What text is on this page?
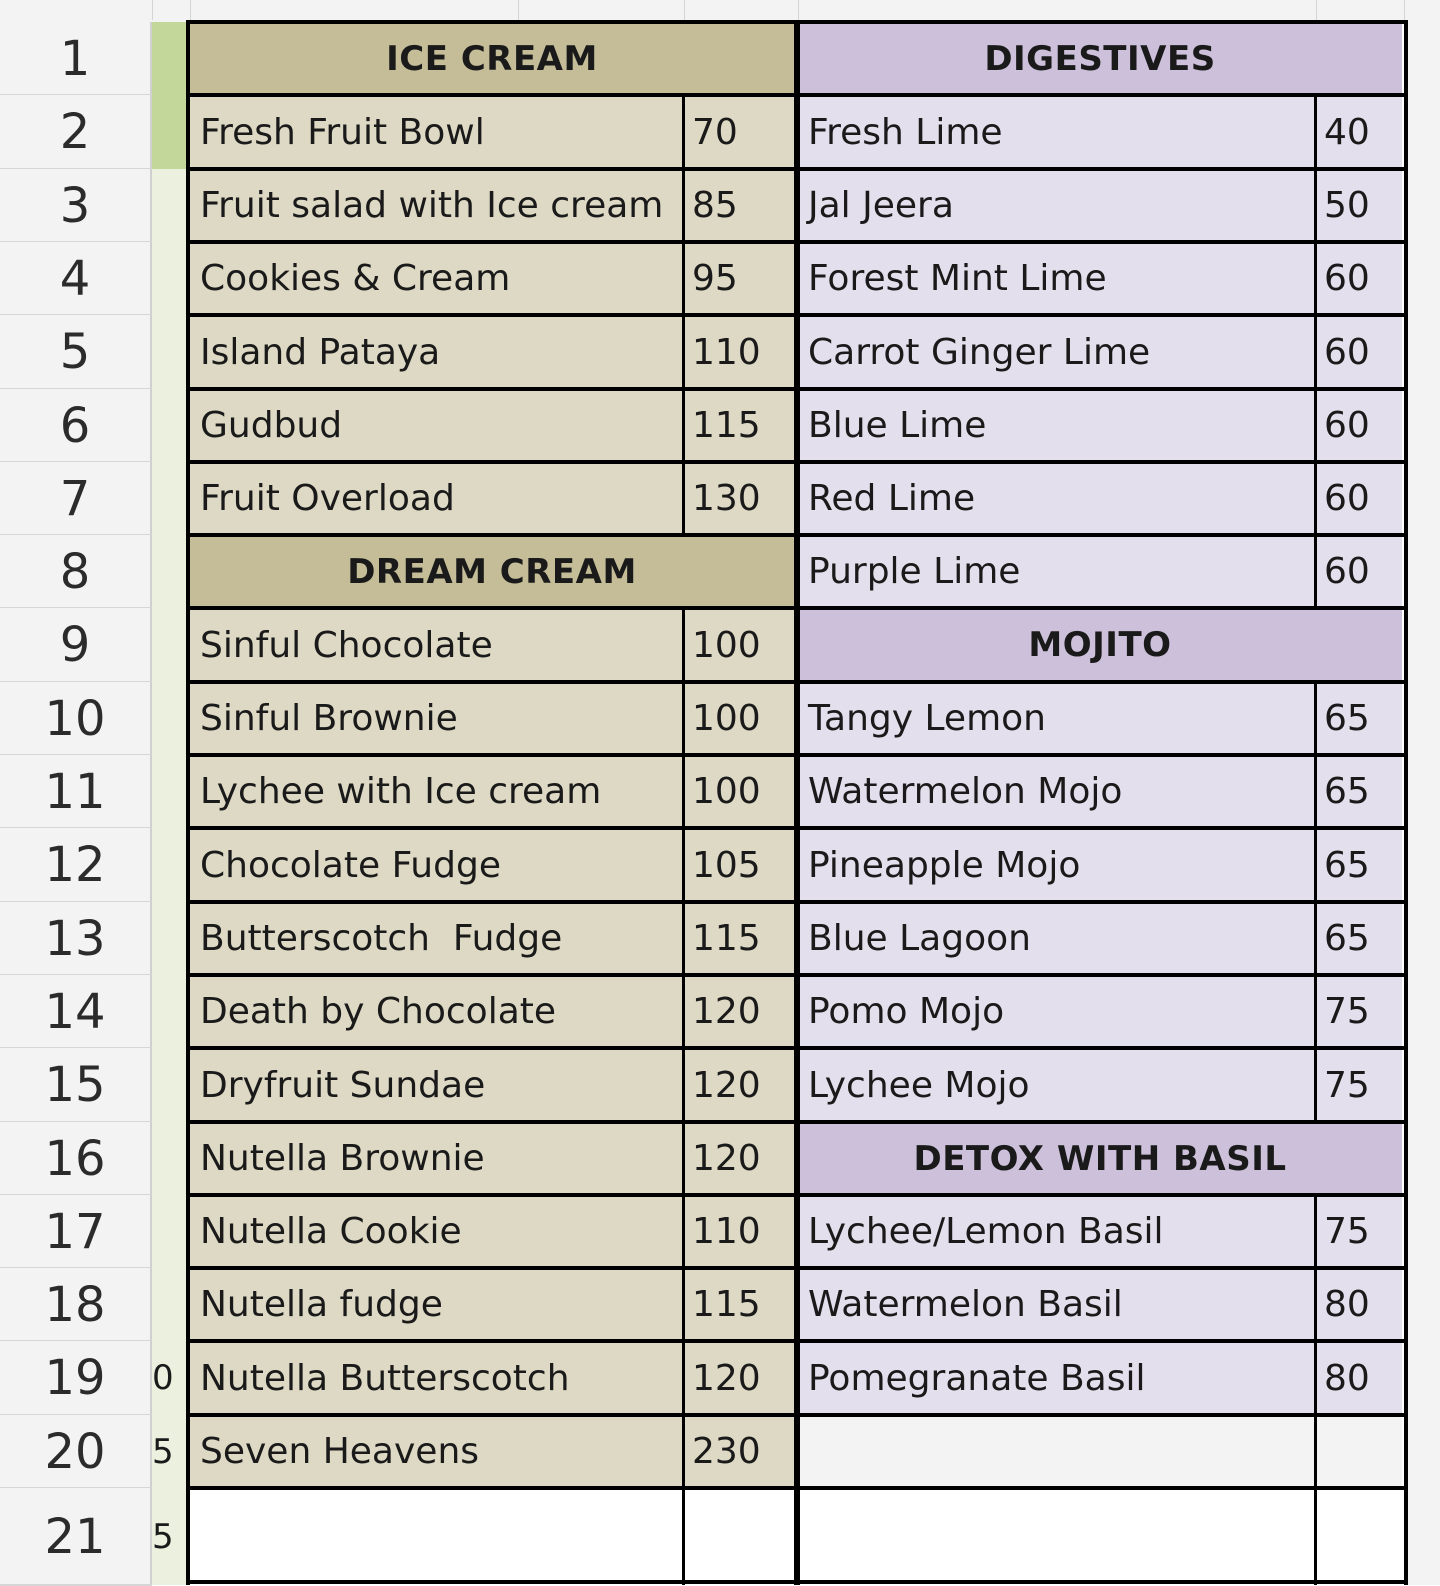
1
2
3
4
5
6
7
8
9
10
11
12
13
14
15
16
17
18
19
20
21
0
5
5
ICE CREAM
Fresh Fruit Bowl	70
Fruit salad with Ice cream 85
Cookies & Cream	95
Island Pataya	110
Gudbud	115
Fruit Overload	130
DREAM CREAM
Sinful Chocolate	100
Sinful Brownie	100
Lychee with Ice cream	100
Chocolate Fudge	105
Butterscotch  Fudge	115
Death by Chocolate	120
Dryfruit Sundae	120
Nutella Brownie	120
Nutella Cookie	110
Nutella fudge	115
Nutella Butterscotch	120
Seven Heavens	230
DIGESTIVES
Fresh Lime	40
Jal Jeera	50
Forest Mint Lime	60
Carrot Ginger Lime	60
Blue Lime	60
Red Lime	60
Purple Lime	60
MOJITO
Tangy Lemon	65
Watermelon Mojo	65
Pineapple Mojo	65
Blue Lagoon	65
Pomo Mojo	75
Lychee Mojo	75
DETOX WITH BASIL
Lychee/Lemon Basil	75
Watermelon Basil	80
Pomegranate Basil	80
